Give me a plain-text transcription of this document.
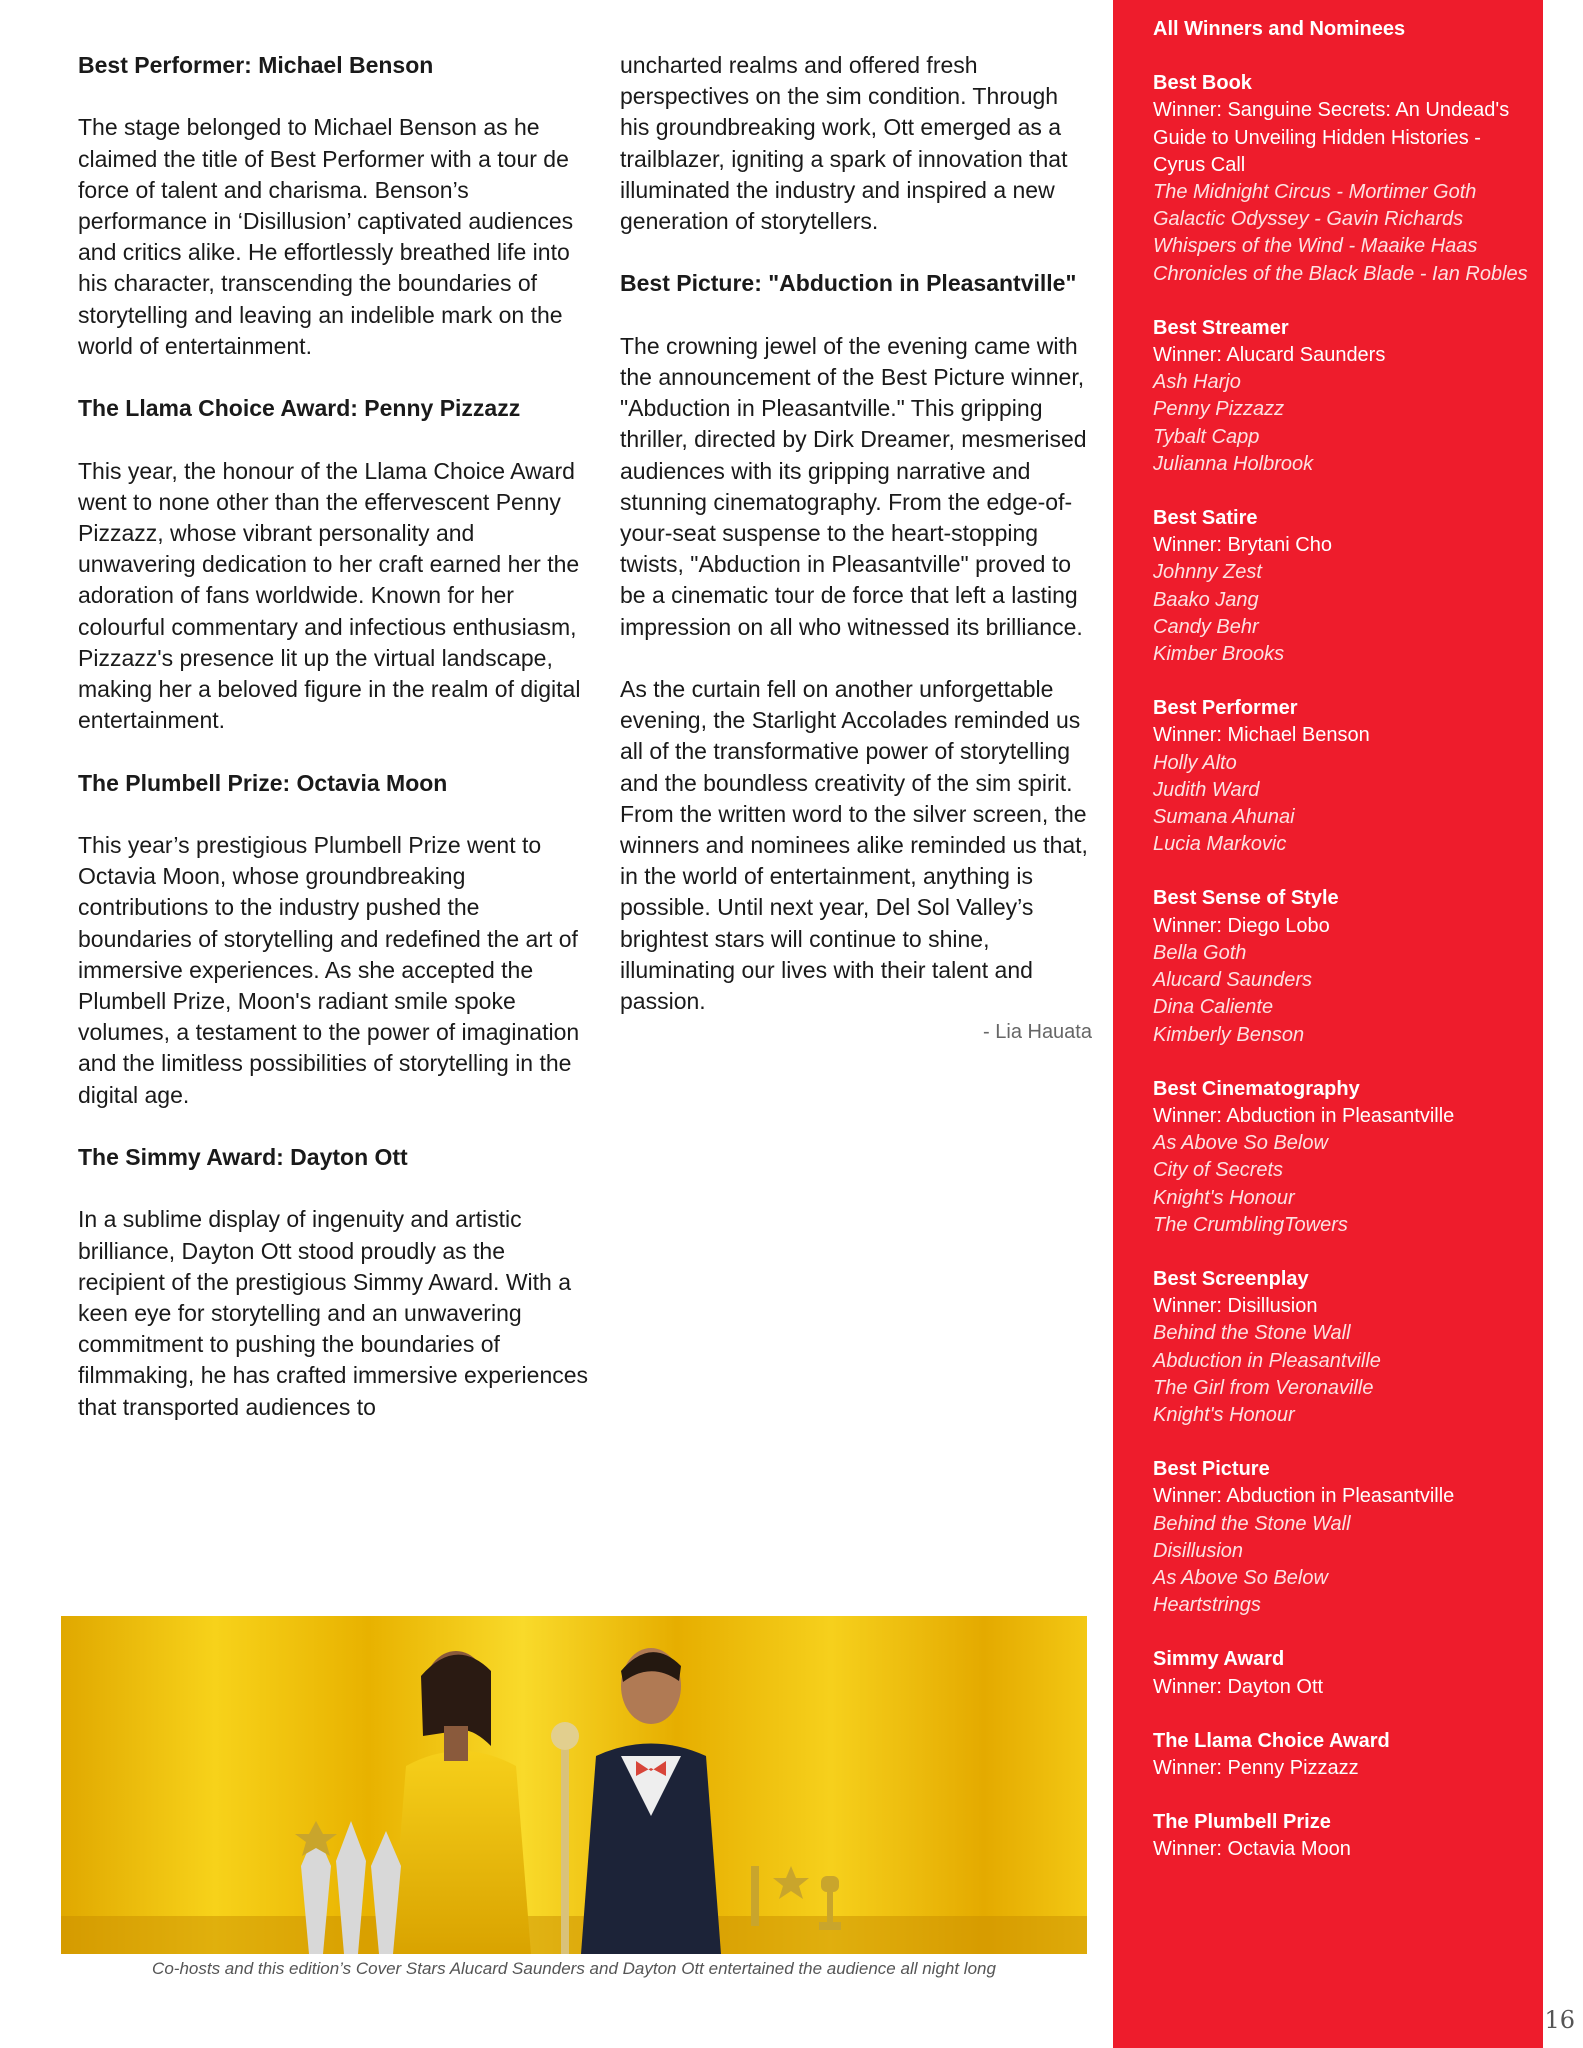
Best Performer: Michael Benson

The stage belonged to Michael Benson as he claimed the title of Best Performer with a tour de force of talent and charisma. Benson’s performance in ‘Disillusion’ captivated audiences and critics alike. He effortlessly breathed life into his character, transcending the boundaries of storytelling and leaving an indelible mark on the world of entertainment.

The Llama Choice Award: Penny Pizzazz

This year, the honour of the Llama Choice Award went to none other than the effervescent Penny Pizzazz, whose vibrant personality and unwavering dedication to her craft earned her the adoration of fans worldwide. Known for her colourful commentary and infectious enthusiasm, Pizzazz's presence lit up the virtual landscape, making her a beloved figure in the realm of digital entertainment.

The Plumbell Prize: Octavia Moon

This year’s prestigious Plumbell Prize went to Octavia Moon, whose groundbreaking contributions to the industry pushed the boundaries of storytelling and redefined the art of immersive experiences. As she accepted the Plumbell Prize, Moon's radiant smile spoke volumes, a testament to the power of imagination and the limitless possibilities of storytelling in the digital age.

The Simmy Award: Dayton Ott

In a sublime display of ingenuity and artistic brilliance, Dayton Ott stood proudly as the recipient of the prestigious Simmy Award. With a keen eye for storytelling and an unwavering commitment to pushing the boundaries of filmmaking, he has crafted immersive experiences that transported audiences to

uncharted realms and offered fresh perspectives on the sim condition. Through his groundbreaking work, Ott emerged as a trailblazer, igniting a spark of innovation that illuminated the industry and inspired a new generation of storytellers.

Best Picture: "Abduction in Pleasantville"

The crowning jewel of the evening came with the announcement of the Best Picture winner, "Abduction in Pleasantville." This gripping thriller, directed by Dirk Dreamer, mesmerised audiences with its gripping narrative and stunning cinematography. From the edge-of-your-seat suspense to the heart-stopping twists, "Abduction in Pleasantville" proved to be a cinematic tour de force that left a lasting impression on all who witnessed its brilliance.

As the curtain fell on another unforgettable evening, the Starlight Accolades reminded us all of the transformative power of storytelling and the boundless creativity of the sim spirit. From the written word to the silver screen, the winners and nominees alike reminded us that, in the world of entertainment, anything is possible. Until next year, Del Sol Valley’s brightest stars will continue to shine, illuminating our lives with their talent and passion.

- Lia Hauata
Co-hosts and this edition’s Cover Stars Alucard Saunders and Dayton Ott entertained the audience all night long
All Winners and Nominees
Best Book
Winner: Sanguine Secrets: An Undead's Guide to Unveiling Hidden Histories - Cyrus Call
The Midnight Circus - Mortimer Goth
Galactic Odyssey - Gavin Richards
Whispers of the Wind - Maaike Haas
Chronicles of the Black Blade - Ian Robles
Best Streamer
Winner: Alucard Saunders
Ash Harjo
Penny Pizzazz
Tybalt Capp
Julianna Holbrook
Best Satire
Winner: Brytani Cho
Johnny Zest
Baako Jang
Candy Behr
Kimber Brooks
Best Performer
Winner: Michael Benson
Holly Alto
Judith Ward
Sumana Ahunai
Lucia Markovic
Best Sense of Style
Winner: Diego Lobo
Bella Goth
Alucard Saunders
Dina Caliente
Kimberly Benson
Best Cinematography
Winner: Abduction in Pleasantville
As Above So Below
City of Secrets
Knight's Honour
The CrumblingTowers
Best Screenplay
Winner: Disillusion
Behind the Stone Wall
Abduction in Pleasantville
The Girl from Veronaville
Knight's Honour
Best Picture
Winner: Abduction in Pleasantville
Behind the Stone Wall
Disillusion
As Above So Below
Heartstrings
Simmy Award
Winner: Dayton Ott
The Llama Choice Award
Winner: Penny Pizzazz
The Plumbell Prize
Winner: Octavia Moon
16
